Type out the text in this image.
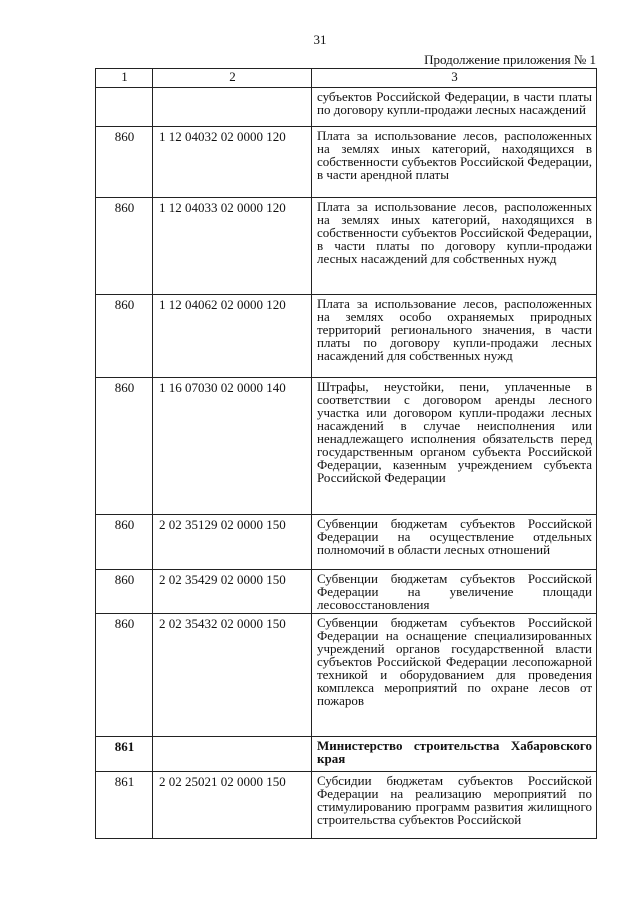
31
Продолжение приложения № 1
1	2	3
		субъектов Российской Федерации, в части платы по договору купли-продажи лесных насаждений
860	1 12 04032 02 0000 120	Плата за использование лесов, расположенных на землях иных категорий, находящихся в собственности субъектов Российской Федерации, в части арендной платы
860	1 12 04033 02 0000 120	Плата за использование лесов, расположенных на землях иных категорий, находящихся в собственности субъектов Российской Федерации, в части платы по договору купли-продажи лесных насаждений для собственных нужд
860	1 12 04062 02 0000 120	Плата за использование лесов, расположенных на землях особо охраняемых природных территорий регионального значения, в части платы по договору купли-продажи лесных насаждений для собственных нужд
860	1 16 07030 02 0000 140	Штрафы, неустойки, пени, уплаченные в соответствии с договором аренды лесного участка или договором купли-продажи лесных насаждений в случае неисполнения или ненадлежащего исполнения обязательств перед государственным органом субъекта Российской Федерации, казенным учреждением субъекта Российской Федерации
860	2 02 35129 02 0000 150	Субвенции бюджетам субъектов Российской Федерации на осуществление отдельных полномочий в области лесных отношений
860	2 02 35429 02 0000 150	Субвенции бюджетам субъектов Российской Федерации на увеличение площади лесовосстановления
860	2 02 35432 02 0000 150	Субвенции бюджетам субъектов Российской Федерации на оснащение специализированных учреждений органов государственной власти субъектов Российской Федерации лесопожарной техникой и оборудованием для проведения комплекса мероприятий по охране лесов от пожаров
861		Министерство строительства Хабаровского края
861	2 02 25021 02 0000 150	Субсидии бюджетам субъектов Российской Федерации на реализацию мероприятий по стимулированию программ развития жилищного строительства субъектов Российской
